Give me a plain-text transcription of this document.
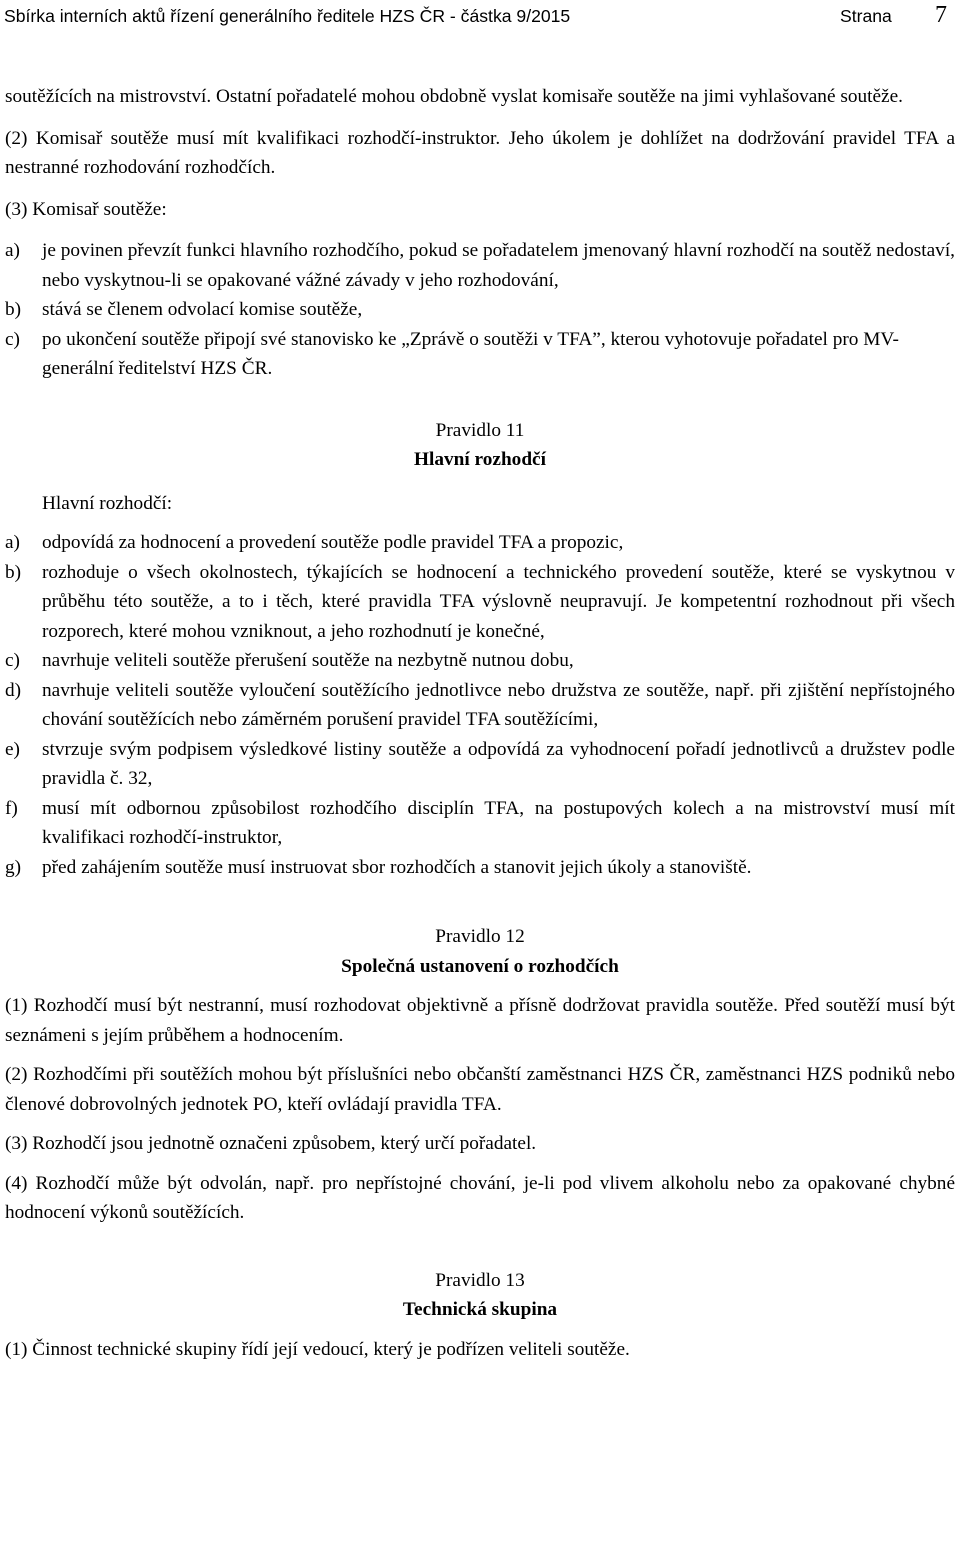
Sbírka interních aktů řízení generálního ředitele HZS ČR - částka 9/2015	Strana 7

soutěžících na mistrovství. Ostatní pořadatelé mohou obdobně vyslat komisaře soutěže na jimi vyhlašované soutěže.

(2) Komisař soutěže musí mít kvalifikaci rozhodčí-instruktor. Jeho úkolem je dohlížet na dodržování pravidel TFA a nestranné rozhodování rozhodčích.

(3) Komisař soutěže:

a)	je povinen převzít funkci hlavního rozhodčího, pokud se pořadatelem jmenovaný hlavní rozhodčí na soutěž nedostaví, nebo vyskytnou-li se opakované vážné závady v jeho rozhodování,
b)	stává se členem odvolací komise soutěže,
c)	po ukončení soutěže připojí své stanovisko ke „Zprávě o soutěži v TFA”, kterou vyhotovuje pořadatel pro MV-generální ředitelství HZS ČR.
Pravidlo 11
Hlavní rozhodčí

Hlavní rozhodčí:

a)	odpovídá za hodnocení a provedení soutěže podle pravidel TFA a propozic,
b)	rozhoduje o všech okolnostech, týkajících se hodnocení a technického provedení soutěže, které se vyskytnou v průběhu této soutěže, a to i těch, které pravidla TFA výslovně neupravují. Je kompetentní rozhodnout při všech rozporech, které mohou vzniknout, a jeho rozhodnutí je konečné,
c)	navrhuje veliteli soutěže přerušení soutěže na nezbytně nutnou dobu,
d)	navrhuje veliteli soutěže vyloučení soutěžícího jednotlivce nebo družstva ze soutěže, např. při zjištění nepřístojného chování soutěžících nebo záměrném porušení pravidel TFA soutěžícími,
e)	stvrzuje svým podpisem výsledkové listiny soutěže a odpovídá za vyhodnocení pořadí jednotlivců a družstev podle pravidla č. 32,
f)	musí mít odbornou způsobilost rozhodčího disciplín TFA, na postupových kolech a na mistrovství musí mít kvalifikaci rozhodčí-instruktor,
g)	před zahájením soutěže musí instruovat sbor rozhodčích a stanovit jejich úkoly a stanoviště.
Pravidlo 12
Společná ustanovení o rozhodčích

(1) Rozhodčí musí být nestranní, musí rozhodovat objektivně a přísně dodržovat pravidla soutěže. Před soutěží musí být seznámeni s jejím průběhem a hodnocením.

(2) Rozhodčími při soutěžích mohou být příslušníci nebo občanští zaměstnanci HZS ČR, zaměstnanci HZS podniků nebo členové dobrovolných jednotek PO, kteří ovládají pravidla TFA.

(3) Rozhodčí jsou jednotně označeni způsobem, který určí pořadatel.

(4) Rozhodčí může být odvolán, např. pro nepřístojné chování, je-li pod vlivem alkoholu nebo za opakované chybné hodnocení výkonů soutěžících.

Pravidlo 13
Technická skupina

(1) Činnost technické skupiny řídí její vedoucí, který je podřízen veliteli soutěže.
